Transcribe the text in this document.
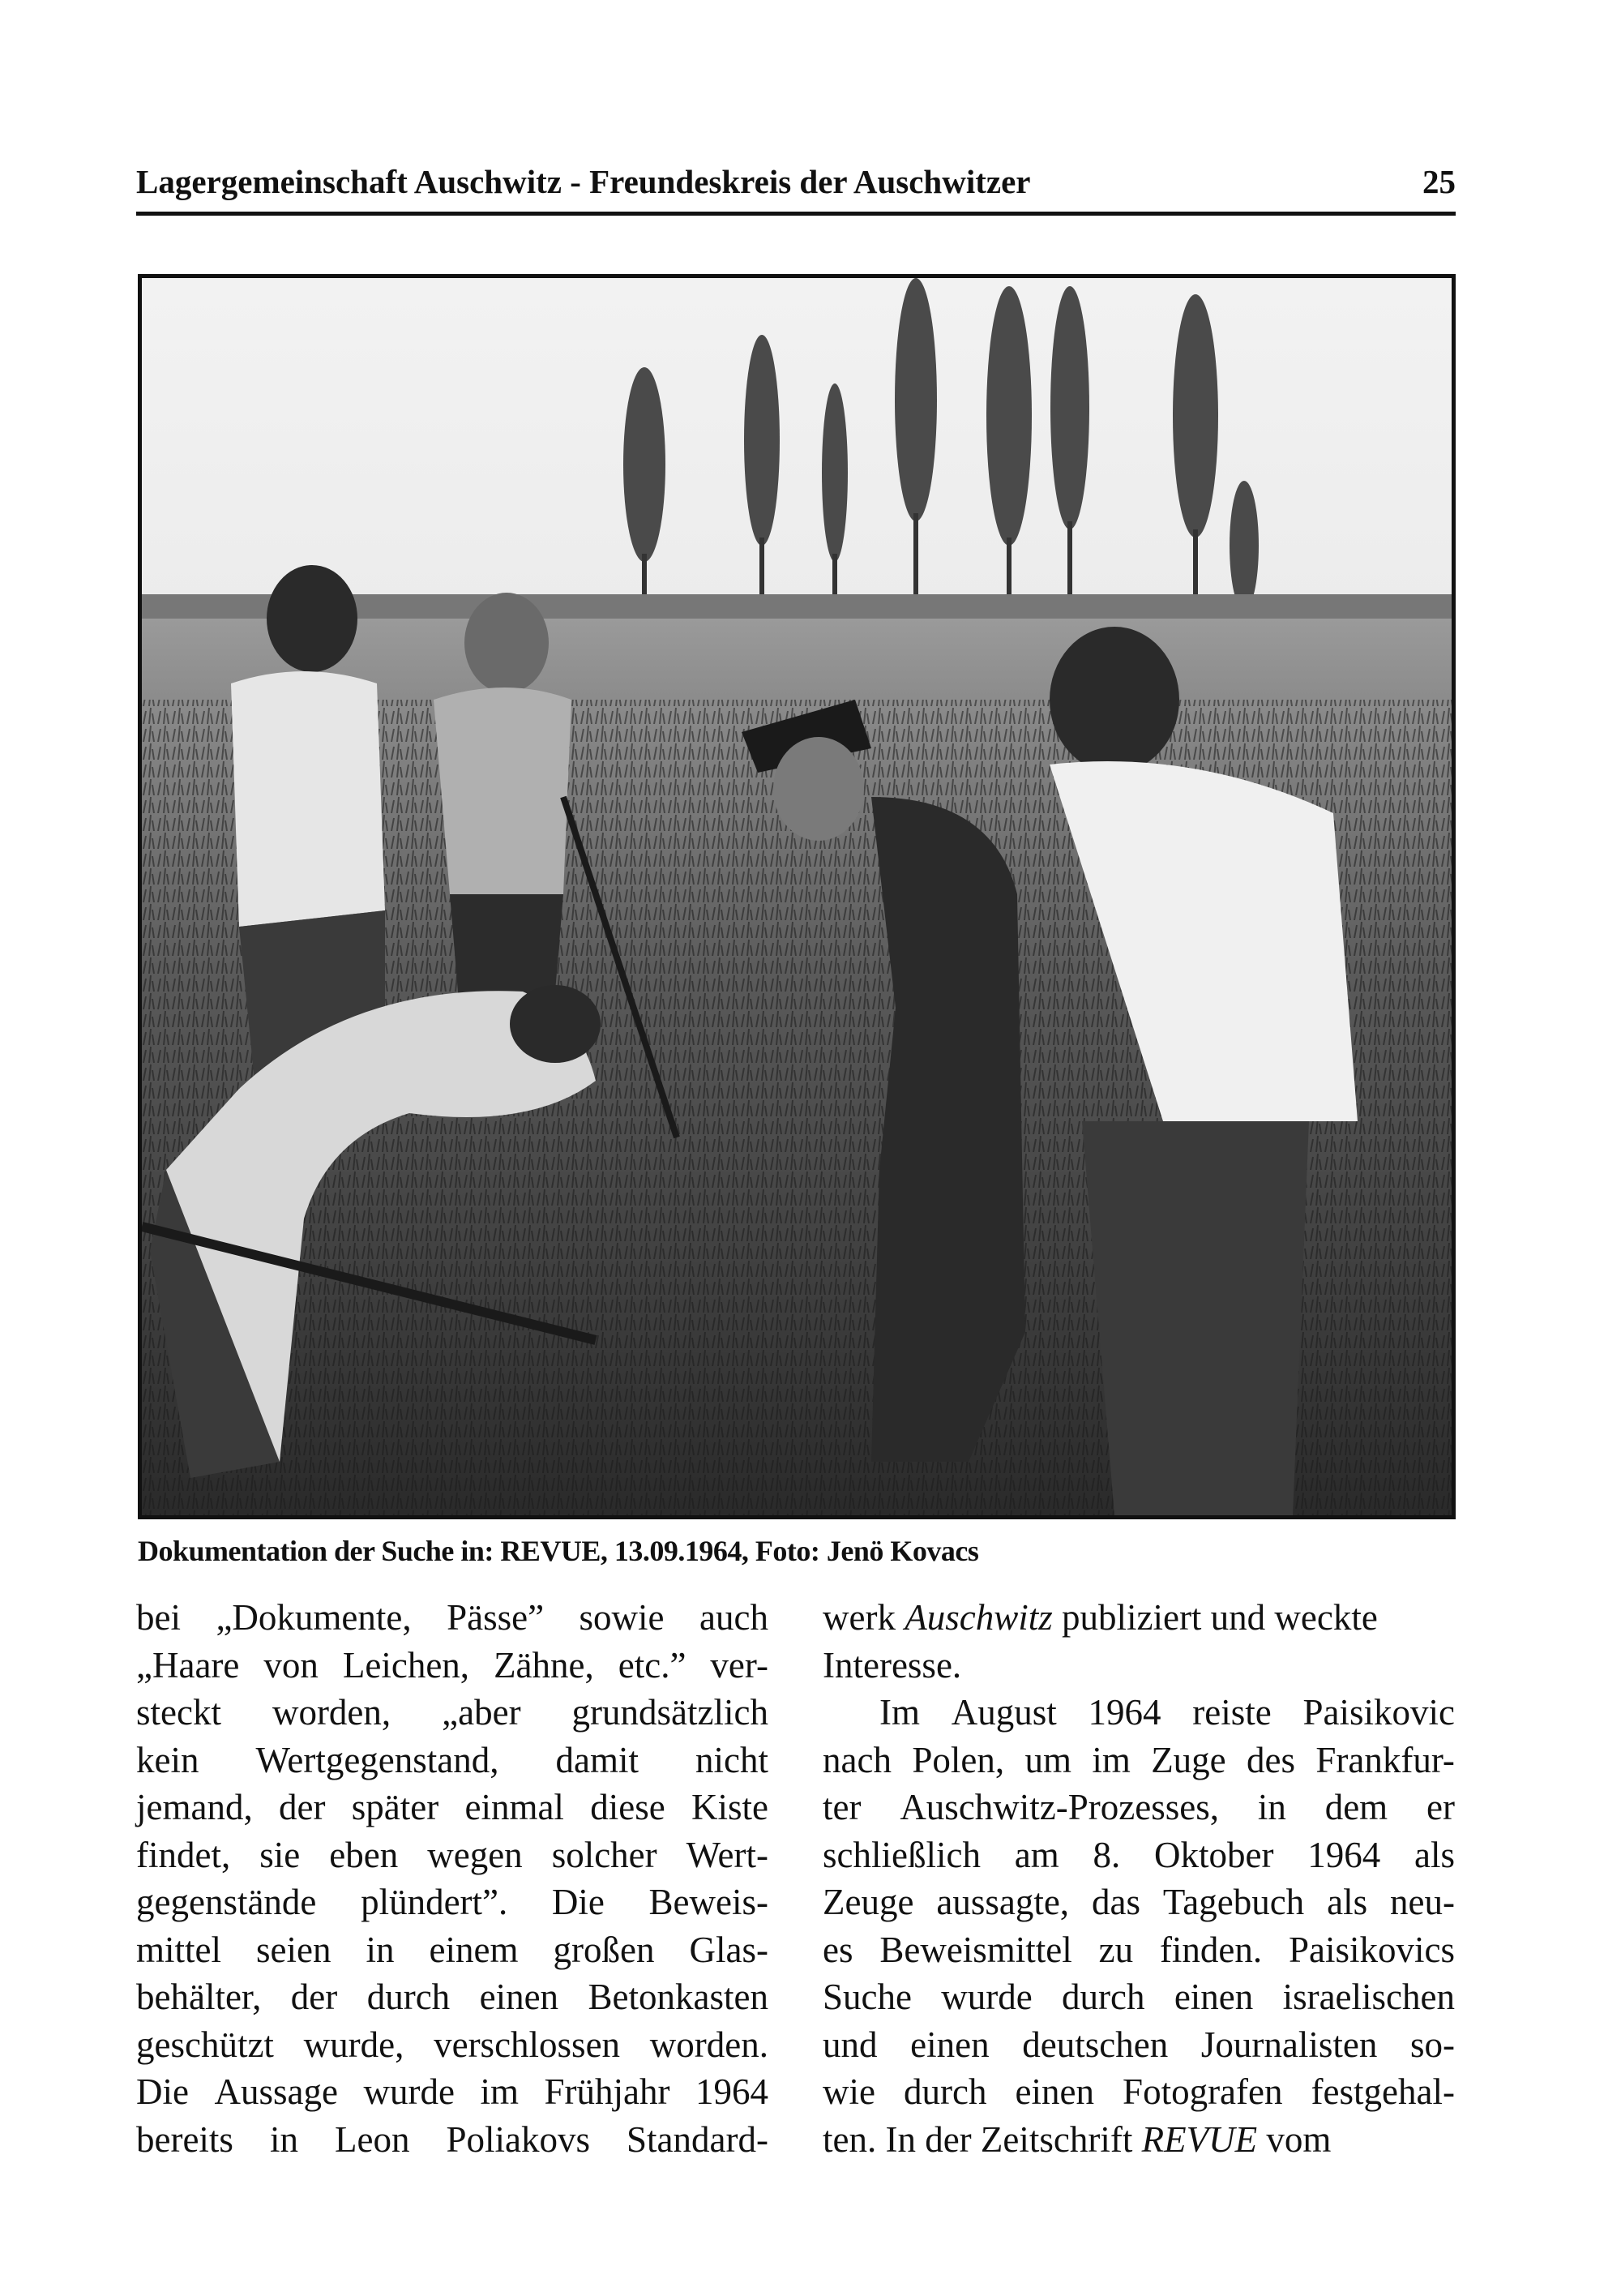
Lagergemeinschaft Auschwitz - Freundeskreis der Auschwitzer	25
Dokumentation der Suche in: REVUE, 13.09.1964, Foto: Jenö Kovacs
bei „Dokumente, Pässe” sowie auch
„Haare von Leichen, Zähne, etc.” ver-
steckt worden, „aber grundsätzlich
kein Wertgegenstand, damit nicht
jemand, der später einmal diese Kiste
findet, sie eben wegen solcher Wert-
gegenstände plündert”. Die Beweis-
mittel seien in einem großen Glas-
behälter, der durch einen Betonkasten
geschützt wurde, verschlossen worden.
Die Aussage wurde im Frühjahr 1964
bereits in Leon Poliakovs Standard-
werk Auschwitz publiziert und weckte
Interesse.
Im August 1964 reiste Paisikovic
nach Polen, um im Zuge des Frankfur-
ter Auschwitz-Prozesses, in dem er
schließlich am 8. Oktober 1964 als
Zeuge aussagte, das Tagebuch als neu-
es Beweismittel zu finden. Paisikovics
Suche wurde durch einen israelischen
und einen deutschen Journalisten so-
wie durch einen Fotografen festgehal-
ten. In der Zeitschrift REVUE vom
